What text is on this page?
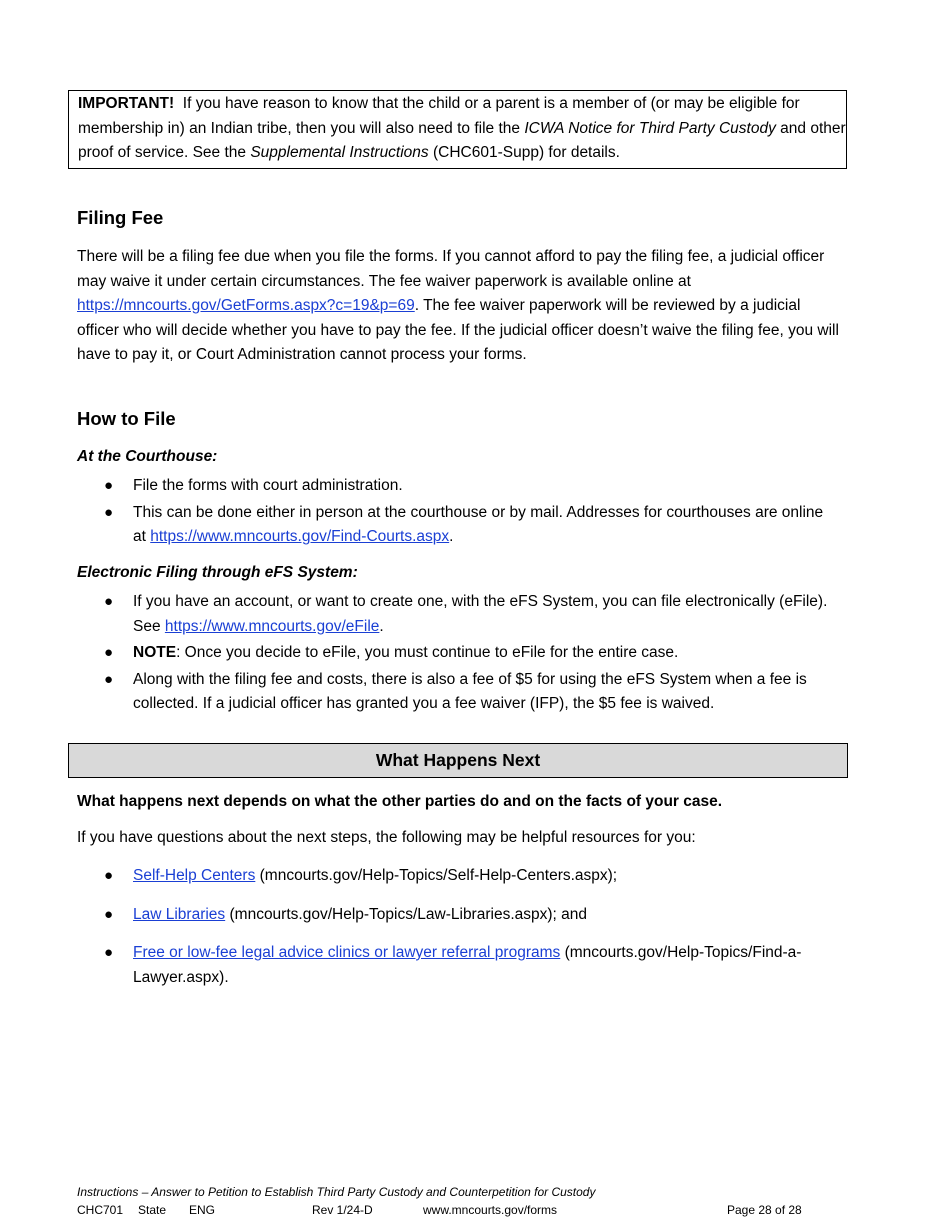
IMPORTANT! If you have reason to know that the child or a parent is a member of (or may be eligible for membership in) an Indian tribe, then you will also need to file the ICWA Notice for Third Party Custody and other proof of service. See the Supplemental Instructions (CHC601-Supp) for details.
Filing Fee

There will be a filing fee due when you file the forms. If you cannot afford to pay the filing fee, a judicial officer may waive it under certain circumstances. The fee waiver paperwork is available online at https://mncourts.gov/GetForms.aspx?c=19&p=69. The fee waiver paperwork will be reviewed by a judicial officer who will decide whether you have to pay the fee. If the judicial officer doesn’t waive the filing fee, you will have to pay it, or Court Administration cannot process your forms.

How to File

At the Courthouse:

● File the forms with court administration.
● This can be done either in person at the courthouse or by mail. Addresses for courthouses are online at https://www.mncourts.gov/Find-Courts.aspx.

Electronic Filing through eFS System:

● If you have an account, or want to create one, with the eFS System, you can file electronically (eFile). See https://www.mncourts.gov/eFile.
● NOTE: Once you decide to eFile, you must continue to eFile for the entire case.
● Along with the filing fee and costs, there is also a fee of $5 for using the eFS System when a fee is collected. If a judicial officer has granted you a fee waiver (IFP), the $5 fee is waived.
What Happens Next

What happens next depends on what the other parties do and on the facts of your case.

If you have questions about the next steps, the following may be helpful resources for you:

● Self-Help Centers (mncourts.gov/Help-Topics/Self-Help-Centers.aspx);
● Law Libraries (mncourts.gov/Help-Topics/Law-Libraries.aspx); and
● Free or low-fee legal advice clinics or lawyer referral programs (mncourts.gov/Help-Topics/Find-a-Lawyer.aspx).
Instructions – Answer to Petition to Establish Third Party Custody and Counterpetition for Custody
CHC701 State ENG	Rev 1/24-D	www.mncourts.gov/forms	Page 28 of 28
